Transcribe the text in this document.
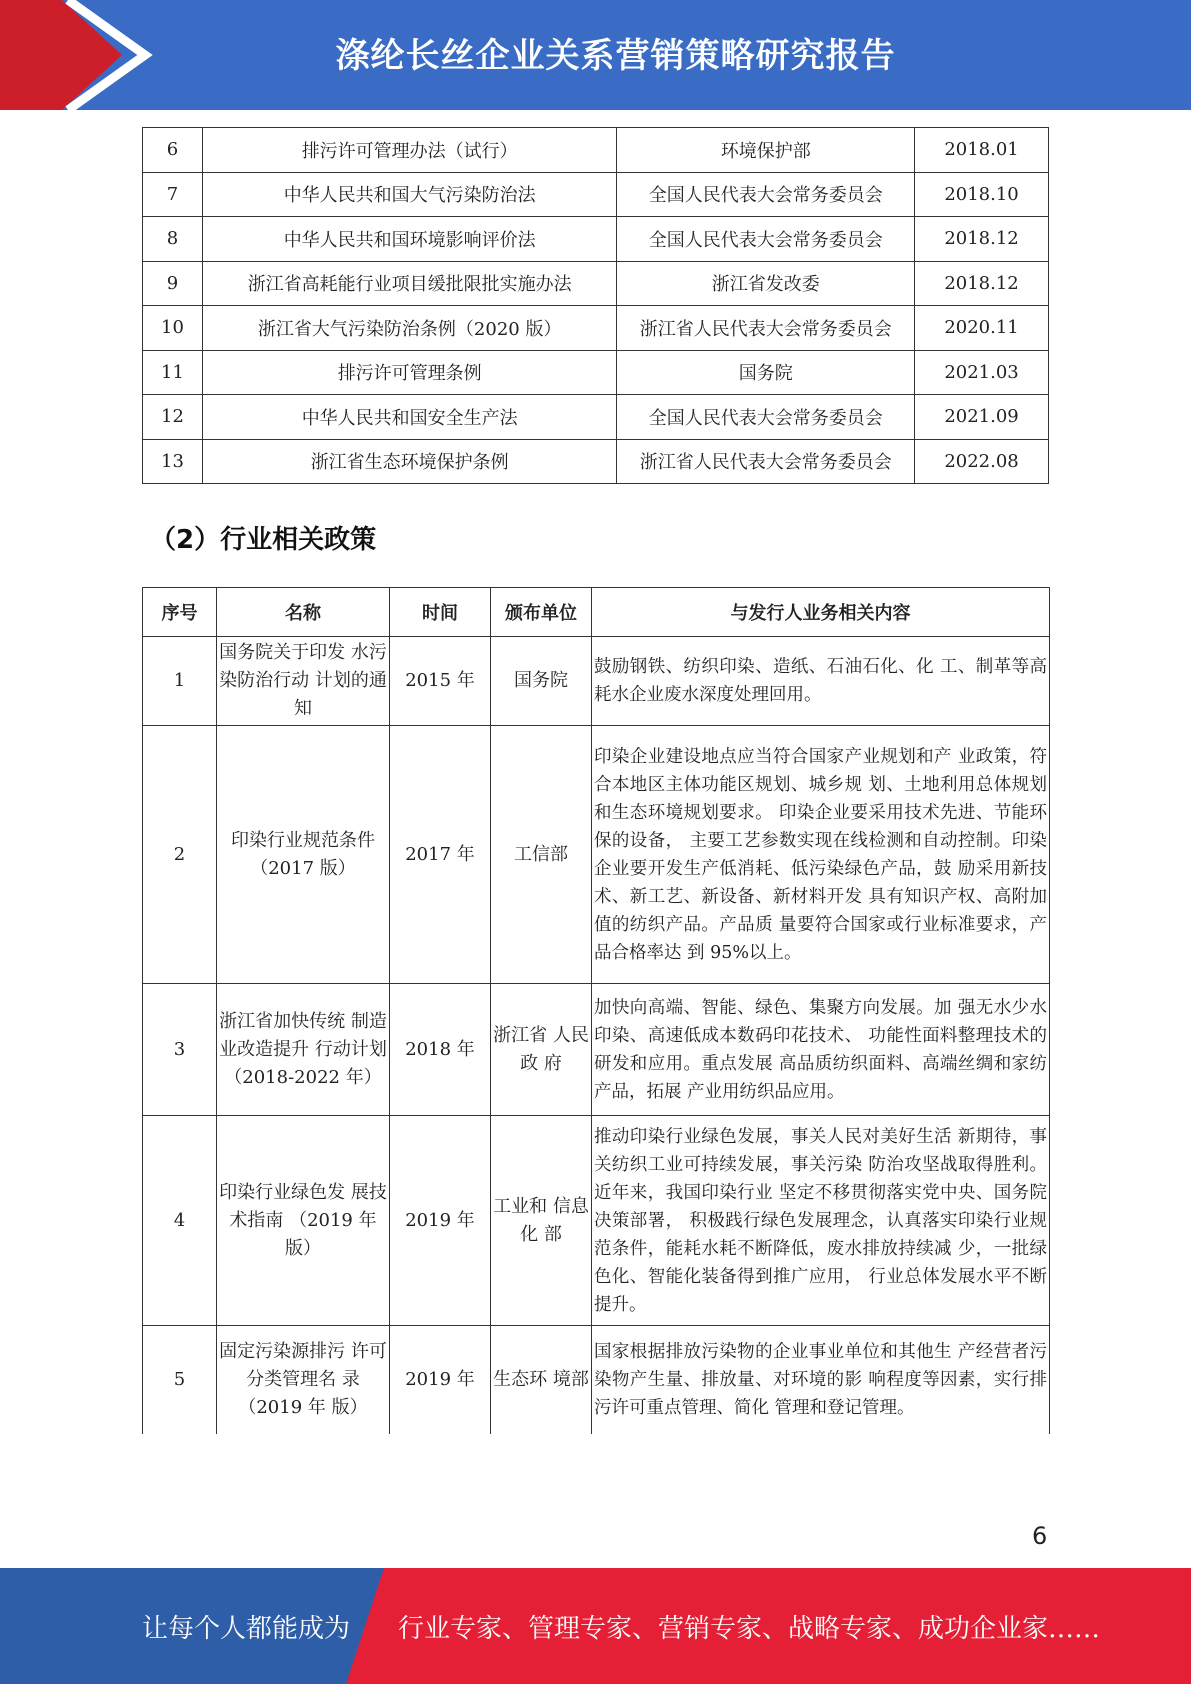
涤纶长丝企业关系营销策略研究报告
6	排污许可管理办法（试行）	环境保护部	2018.01
7	中华人民共和国大气污染防治法	全国人民代表大会常务委员会	2018.10
8	中华人民共和国环境影响评价法	全国人民代表大会常务委员会	2018.12
9	浙江省高耗能行业项目缓批限批实施办法	浙江省发改委	2018.12
10	浙江省大气污染防治条例（2020 版）	浙江省人民代表大会常务委员会	2020.11
11	排污许可管理条例	国务院	2021.03
12	中华人民共和国安全生产法	全国人民代表大会常务委员会	2021.09
13	浙江省生态环境保护条例	浙江省人民代表大会常务委员会	2022.08
（2）行业相关政策
序号	名称	时间	颁布单位	与发行人业务相关内容
1	国务院关于印发 水污染防治行动 计划的通知	2015 年	国务院	鼓励钢铁、纺织印染、造纸、石油石化、化 工、制革等高耗水企业废水深度处理回用。
2	印染行业规范条件（2017 版）	2017 年	工信部	印染企业建设地点应当符合国家产业规划和产 业政策，符合本地区主体功能区规划、城乡规 划、土地利用总体规划和生态环境规划要求。 印染企业要采用技术先进、节能环保的设备， 主要工艺参数实现在线检测和自动控制。印染 企业要开发生产低消耗、低污染绿色产品，鼓 励采用新技术、新工艺、新设备、新材料开发 具有知识产权、高附加值的纺织产品。产品质 量要符合国家或行业标准要求，产品合格率达 到 95%以上。
3	浙江省加快传统 制造业改造提升 行动计划 （2018-2022 年）	2018 年	浙江省 人民政 府	加快向高端、智能、绿色、集聚方向发展。加 强无水少水印染、高速低成本数码印花技术、 功能性面料整理技术的研发和应用。重点发展 高品质纺织面料、高端丝绸和家纺产品，拓展 产业用纺织品应用。
4	印染行业绿色发 展技术指南 （2019 年版）	2019 年	工业和 信息化 部	推动印染行业绿色发展，事关人民对美好生活 新期待，事关纺织工业可持续发展，事关污染 防治攻坚战取得胜利。近年来，我国印染行业 坚定不移贯彻落实党中央、国务院决策部署， 积极践行绿色发展理念，认真落实印染行业规 范条件，能耗水耗不断降低，废水排放持续减 少，一批绿色化、智能化装备得到推广应用， 行业总体发展水平不断提升。
5	固定污染源排污 许可分类管理名 录（2019 年 版）	2019 年	生态环 境部	国家根据排放污染物的企业事业单位和其他生 产经营者污染物产生量、排放量、对环境的影 响程度等因素，实行排污许可重点管理、简化 管理和登记管理。
6
让每个人都能成为 行业专家、管理专家、营销专家、战略专家、成功企业家……
